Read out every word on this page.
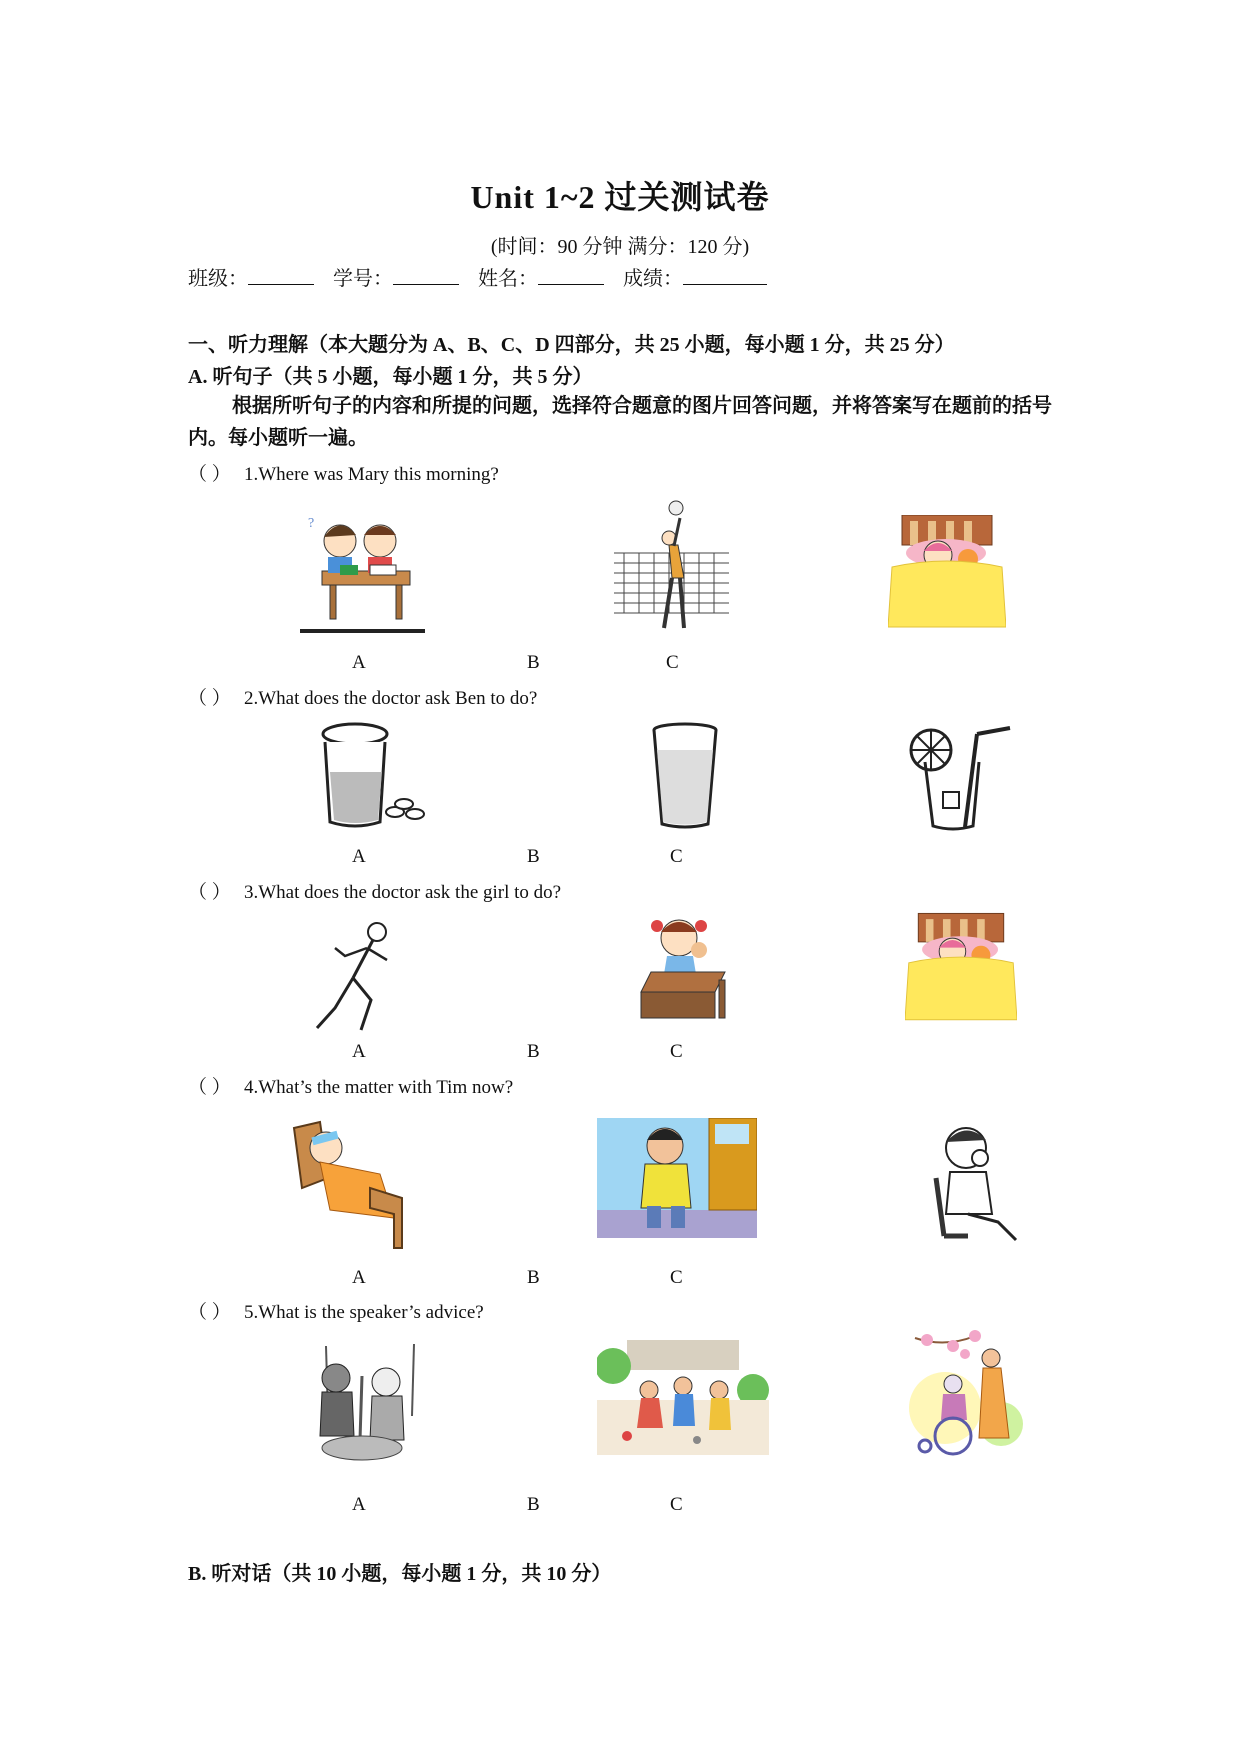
Unit 1~2 过关测试卷
(时间：90 分钟 满分：120 分)
班级：	学号：	姓名：	成绩：
一、听力理解（本大题分为 A、B、C、D 四部分，共 25 小题，每小题 1 分，共 25 分）
A. 听句子（共 5 小题，每小题 1 分，共 5 分）
根据所听句子的内容和所提的问题，选择符合题意的图片回答问题，并将答案写在题前的括号内。每小题听一遍。
（ ） 1.Where was Mary this morning?
?
A	B	C
（ ） 2.What does the doctor ask Ben to do?
A	B	C
（ ） 3.What does the doctor ask the girl to do?
A	B	C
（ ） 4.What’s the matter with Tim now?
A	B	C
（ ） 5.What is the speaker’s advice?
A	B	C
B. 听对话（共 10 小题，每小题 1 分，共 10 分）
